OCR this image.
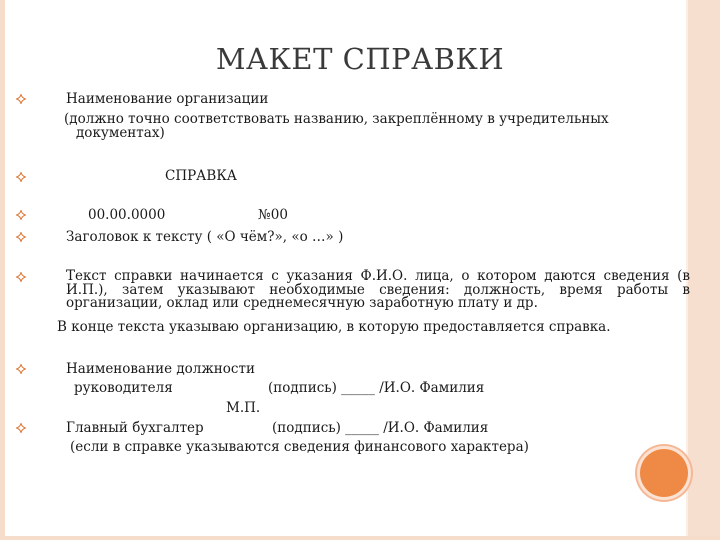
МАКЕТ СПРАВКИ
Наименование организации
(должно точно соответствовать названию, закреплённому в учредительных
документах)
СПРАВКА
00.00.0000	№00
Заголовок к тексту ( «О чём?», «о …» )
Текст справки начинается с указания Ф.И.О. лица, о котором даются сведения (в И.П.), затем указывают необходимые сведения: должность, время работы в организации, оклад или среднемесячную заработную плату и др.
В конце текста указываю организацию, в которую предоставляется справка.
Наименование должности
руководителя	(подпись) _____ /И.О. Фамилия
М.П.
Главный бухгалтер	(подпись) _____ /И.О. Фамилия
(если в справке указываются сведения финансового характера)
